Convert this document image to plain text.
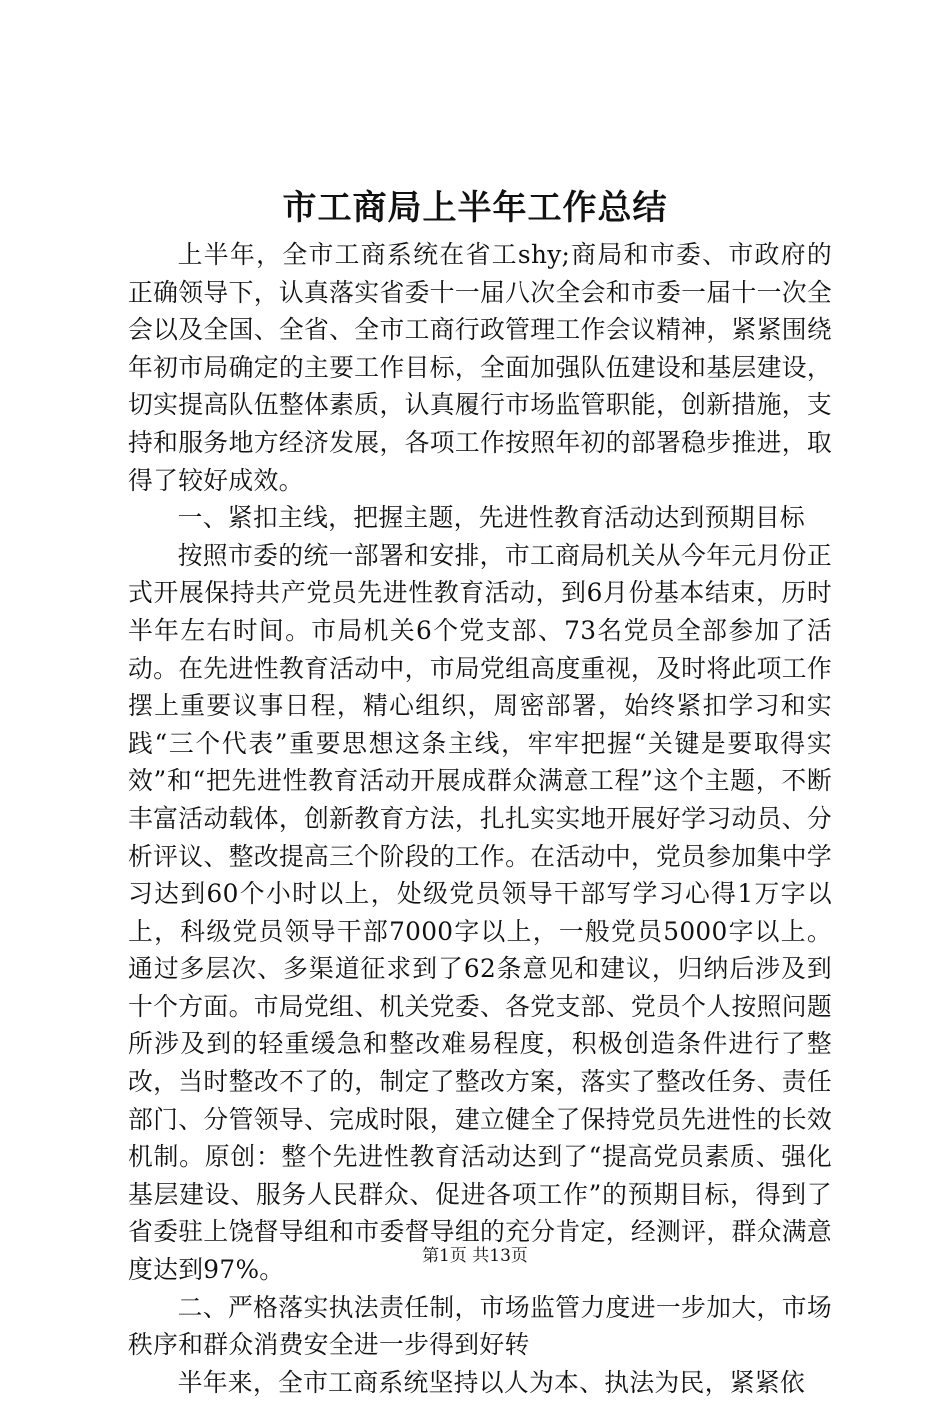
市工商局上半年工作总结

上半年，全市工商系统在省工shy;商局和市委、市政府的正确领导下，认真落实省委十一届八次全会和市委一届十一次全会以及全国、全省、全市工商行政管理工作会议精神，紧紧围绕年初市局确定的主要工作目标，全面加强队伍建设和基层建设，切实提高队伍整体素质，认真履行市场监管职能，创新措施，支持和服务地方经济发展，各项工作按照年初的部署稳步推进，取得了较好成效。

一、紧扣主线，把握主题，先进性教育活动达到预期目标

按照市委的统一部署和安排，市工商局机关从今年元月份正式开展保持共产党员先进性教育活动，到6月份基本结束，历时半年左右时间。市局机关6个党支部、73名党员全部参加了活动。在先进性教育活动中，市局党组高度重视，及时将此项工作摆上重要议事日程，精心组织，周密部署，始终紧扣学习和实践“三个代表”重要思想这条主线，牢牢把握“关键是要取得实效”和“把先进性教育活动开展成群众满意工程”这个主题，不断丰富活动载体，创新教育方法，扎扎实实地开展好学习动员、分析评议、整改提高三个阶段的工作。在活动中，党员参加集中学习达到60个小时以上，处级党员领导干部写学习心得1万字以上，科级党员领导干部7000字以上，一般党员5000字以上。通过多层次、多渠道征求到了62条意见和建议，归纳后涉及到十个方面。市局党组、机关党委、各党支部、党员个人按照问题所涉及到的轻重缓急和整改难易程度，积极创造条件进行了整改，当时整改不了的，制定了整改方案，落实了整改任务、责任部门、分管领导、完成时限，建立健全了保持党员先进性的长效机制。原创：整个先进性教育活动达到了“提高党员素质、强化基层建设、服务人民群众、促进各项工作”的预期目标，得到了省委驻上饶督导组和市委督导组的充分肯定，经测评，群众满意度达到97%。

二、严格落实执法责任制，市场监管力度进一步加大，市场秩序和群众消费安全进一步得到好转

半年来，全市工商系统坚持以人为本、执法为民，紧紧依

第1页 共13页
